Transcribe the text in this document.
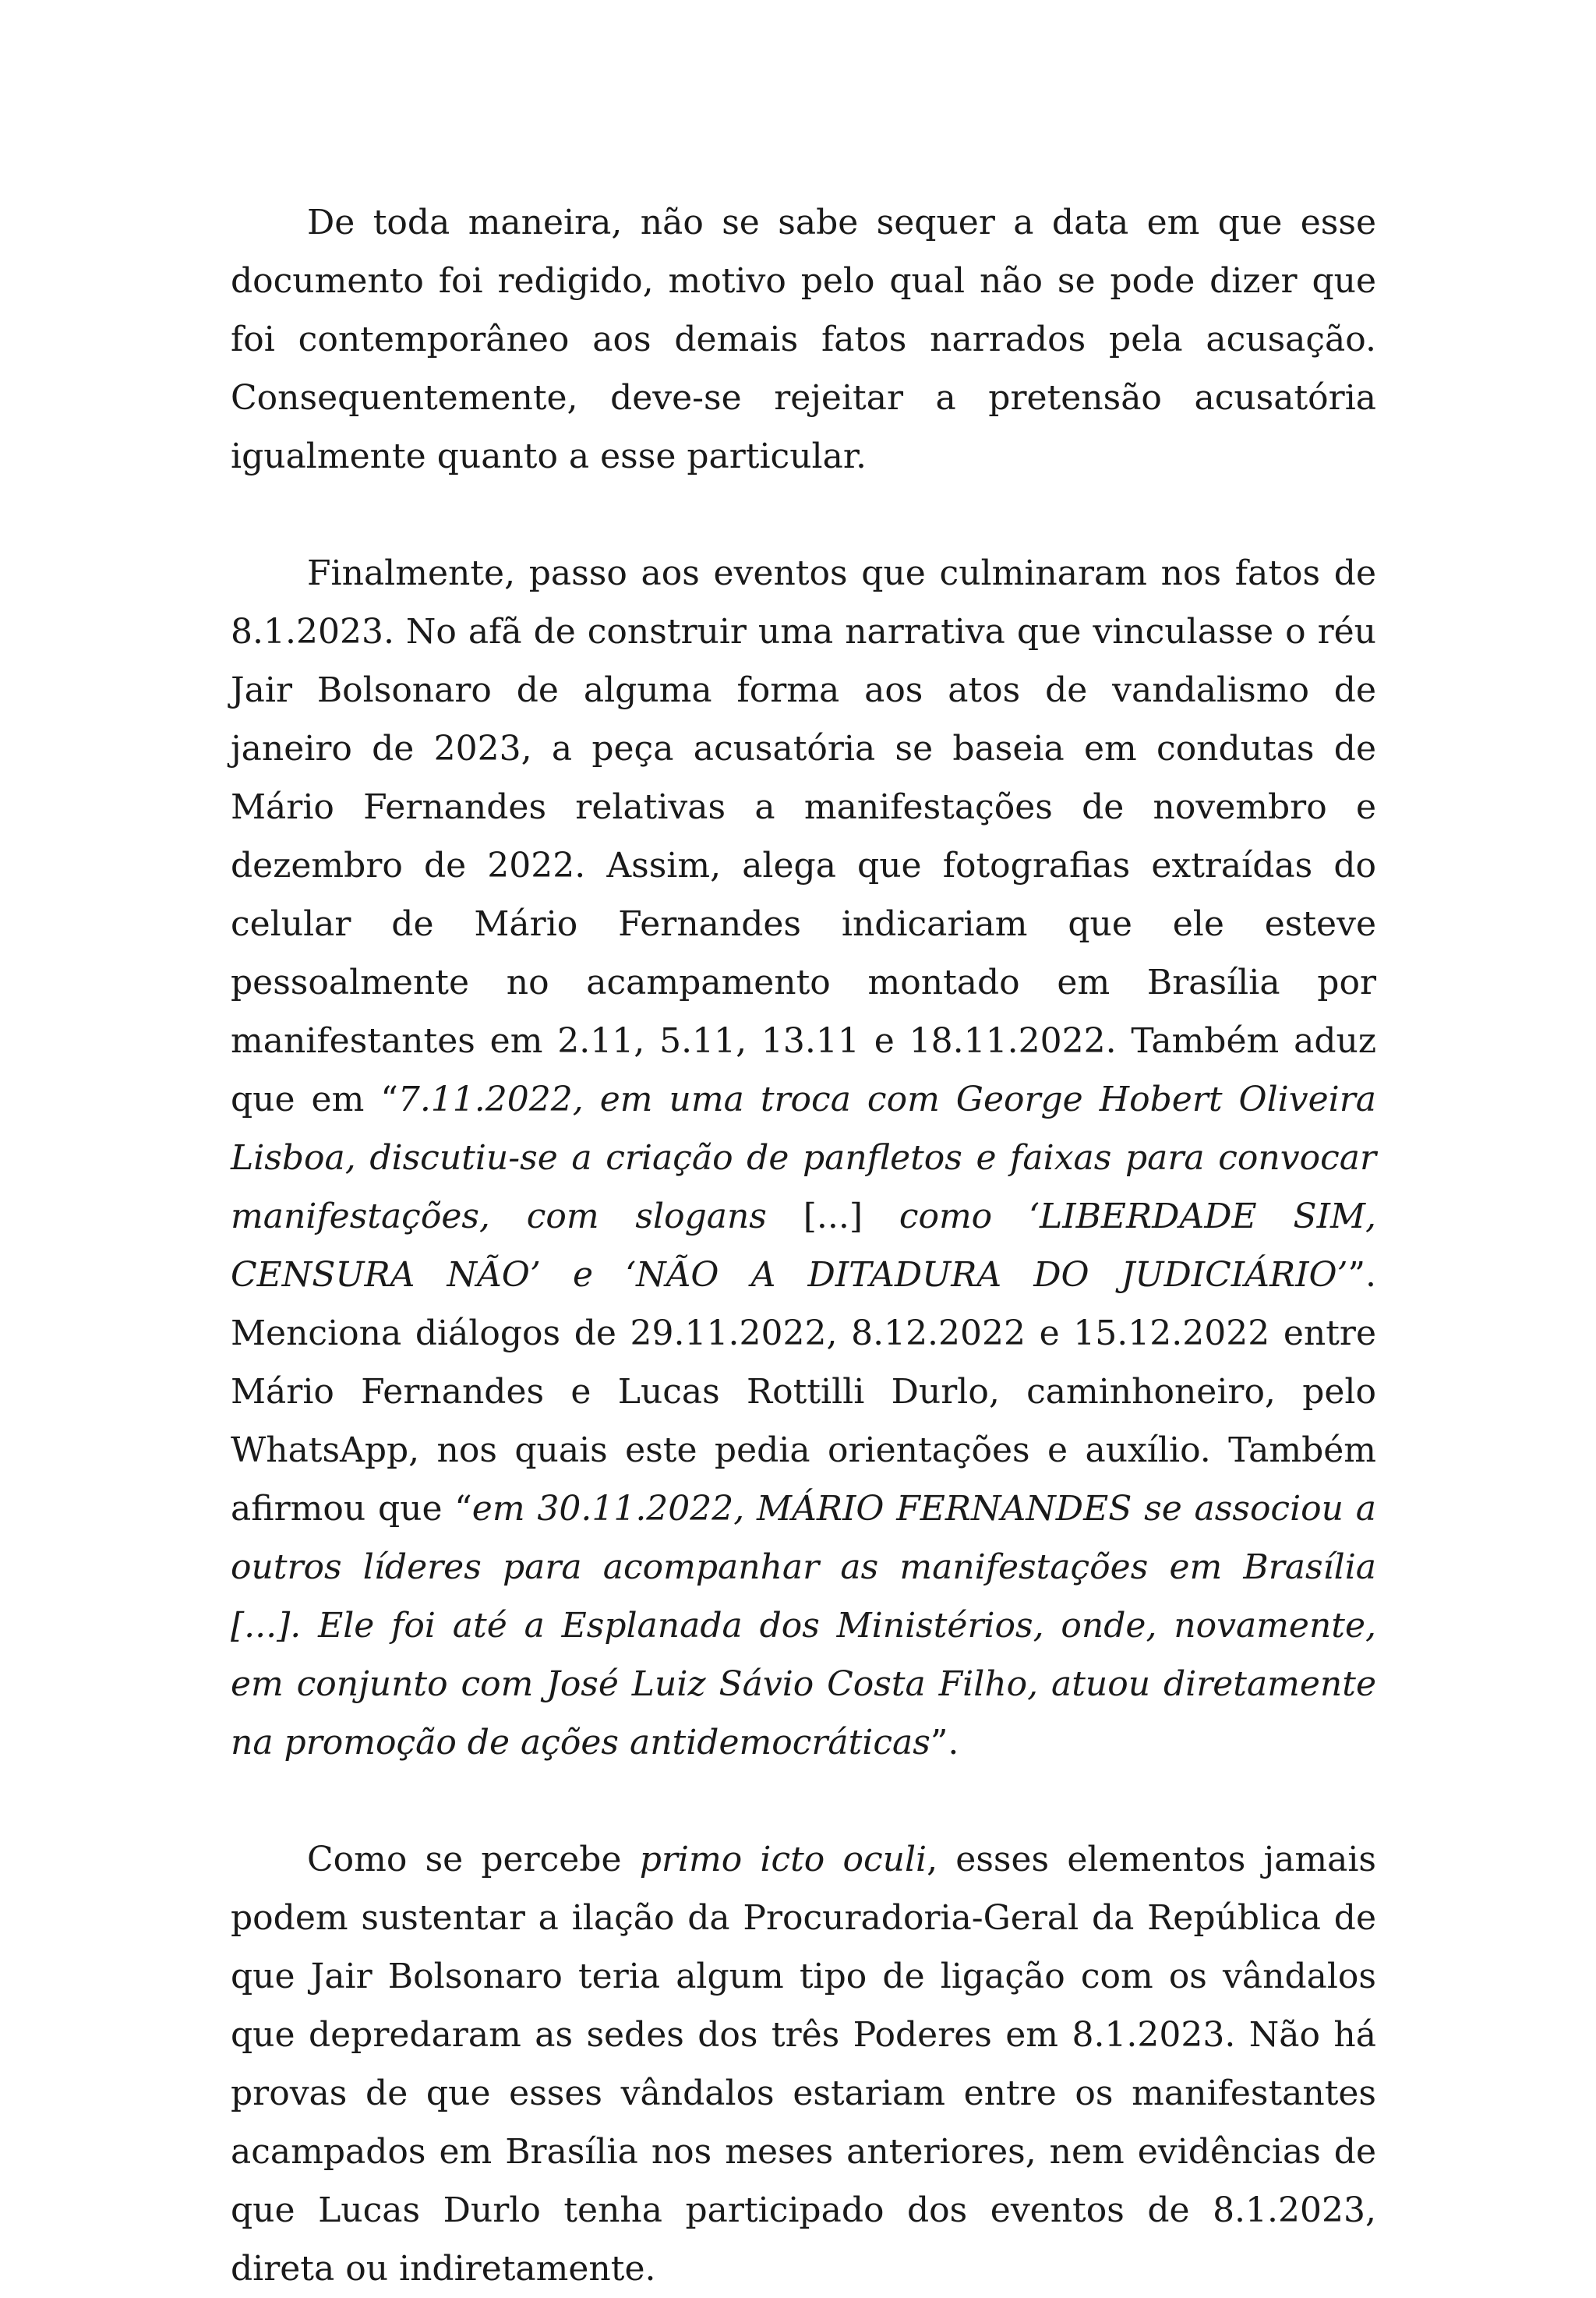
De toda maneira, não se sabe sequer a data em que esse documento foi redigido, motivo pelo qual não se pode dizer que foi contemporâneo aos demais fatos narrados pela acusação. Consequentemente, deve-se rejeitar a pretensão acusatória igualmente quanto a esse particular.

Finalmente, passo aos eventos que culminaram nos fatos de 8.1.2023. No afã de construir uma narrativa que vinculasse o réu Jair Bolsonaro de alguma forma aos atos de vandalismo de janeiro de 2023, a peça acusatória se baseia em condutas de Mário Fernandes relativas a manifestações de novembro e dezembro de 2022. Assim, alega que fotografias extraídas do celular de Mário Fernandes indicariam que ele esteve pessoalmente no acampamento montado em Brasília por manifestantes em 2.11, 5.11, 13.11 e 18.11.2022. Também aduz que em “7.11.2022, em uma troca com George Hobert Oliveira Lisboa, discutiu-se a criação de panfletos e faixas para convocar manifestações, com slogans [...] como ‘LIBERDADE SIM, CENSURA NÃO’ e ‘NÃO A DITADURA DO JUDICIÁRIO’”. Menciona diálogos de 29.11.2022, 8.12.2022 e 15.12.2022 entre Mário Fernandes e Lucas Rottilli Durlo, caminhoneiro, pelo WhatsApp, nos quais este pedia orientações e auxílio. Também afirmou que “em 30.11.2022, MÁRIO FERNANDES se associou a outros líderes para acompanhar as manifestações em Brasília [...]. Ele foi até a Esplanada dos Ministérios, onde, novamente, em conjunto com José Luiz Sávio Costa Filho, atuou diretamente na promoção de ações antidemocráticas”.

Como se percebe primo icto oculi, esses elementos jamais podem sustentar a ilação da Procuradoria-Geral da República de que Jair Bolsonaro teria algum tipo de ligação com os vândalos que depredaram as sedes dos três Poderes em 8.1.2023. Não há provas de que esses vândalos estariam entre os manifestantes acampados em Brasília nos meses anteriores, nem evidências de que Lucas Durlo tenha participado dos eventos de 8.1.2023, direta ou indiretamente.
